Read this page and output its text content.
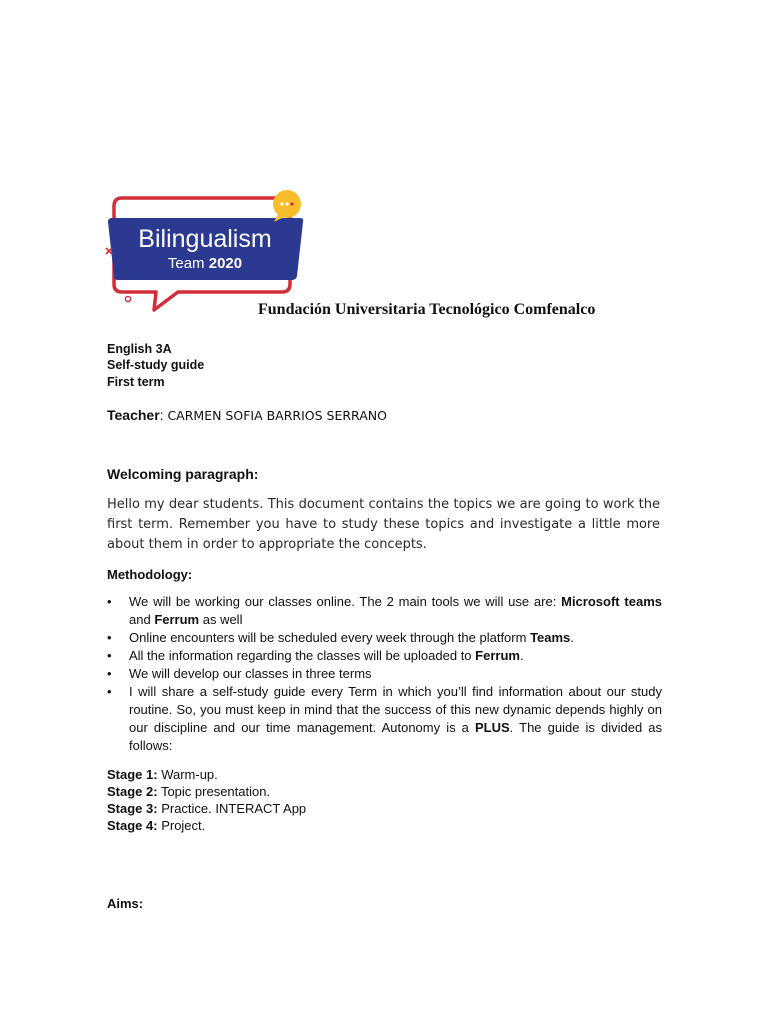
Bilingualism
Team 2020
Fundación Universitaria Tecnológico Comfenalco
English 3A
Self-study guide
First term
Teacher: CARMEN SOFIA BARRIOS SERRANO
Welcoming paragraph:
Hello my dear students. This document contains the topics we are going to work the first term. Remember you have to study these topics and investigate a little more about them in order to appropriate the concepts.
Methodology:
• We will be working our classes online. The 2 main tools we will use are: Microsoft teams and Ferrum as well
• Online encounters will be scheduled every week through the platform Teams.
• All the information regarding the classes will be uploaded to Ferrum.
• We will develop our classes in three terms
• I will share a self-study guide every Term in which you’ll find information about our study routine. So, you must keep in mind that the success of this new dynamic depends highly on our discipline and our time management. Autonomy is a PLUS. The guide is divided as follows:
Stage 1: Warm-up.
Stage 2: Topic presentation.
Stage 3: Practice. INTERACT App
Stage 4: Project.
Aims:
